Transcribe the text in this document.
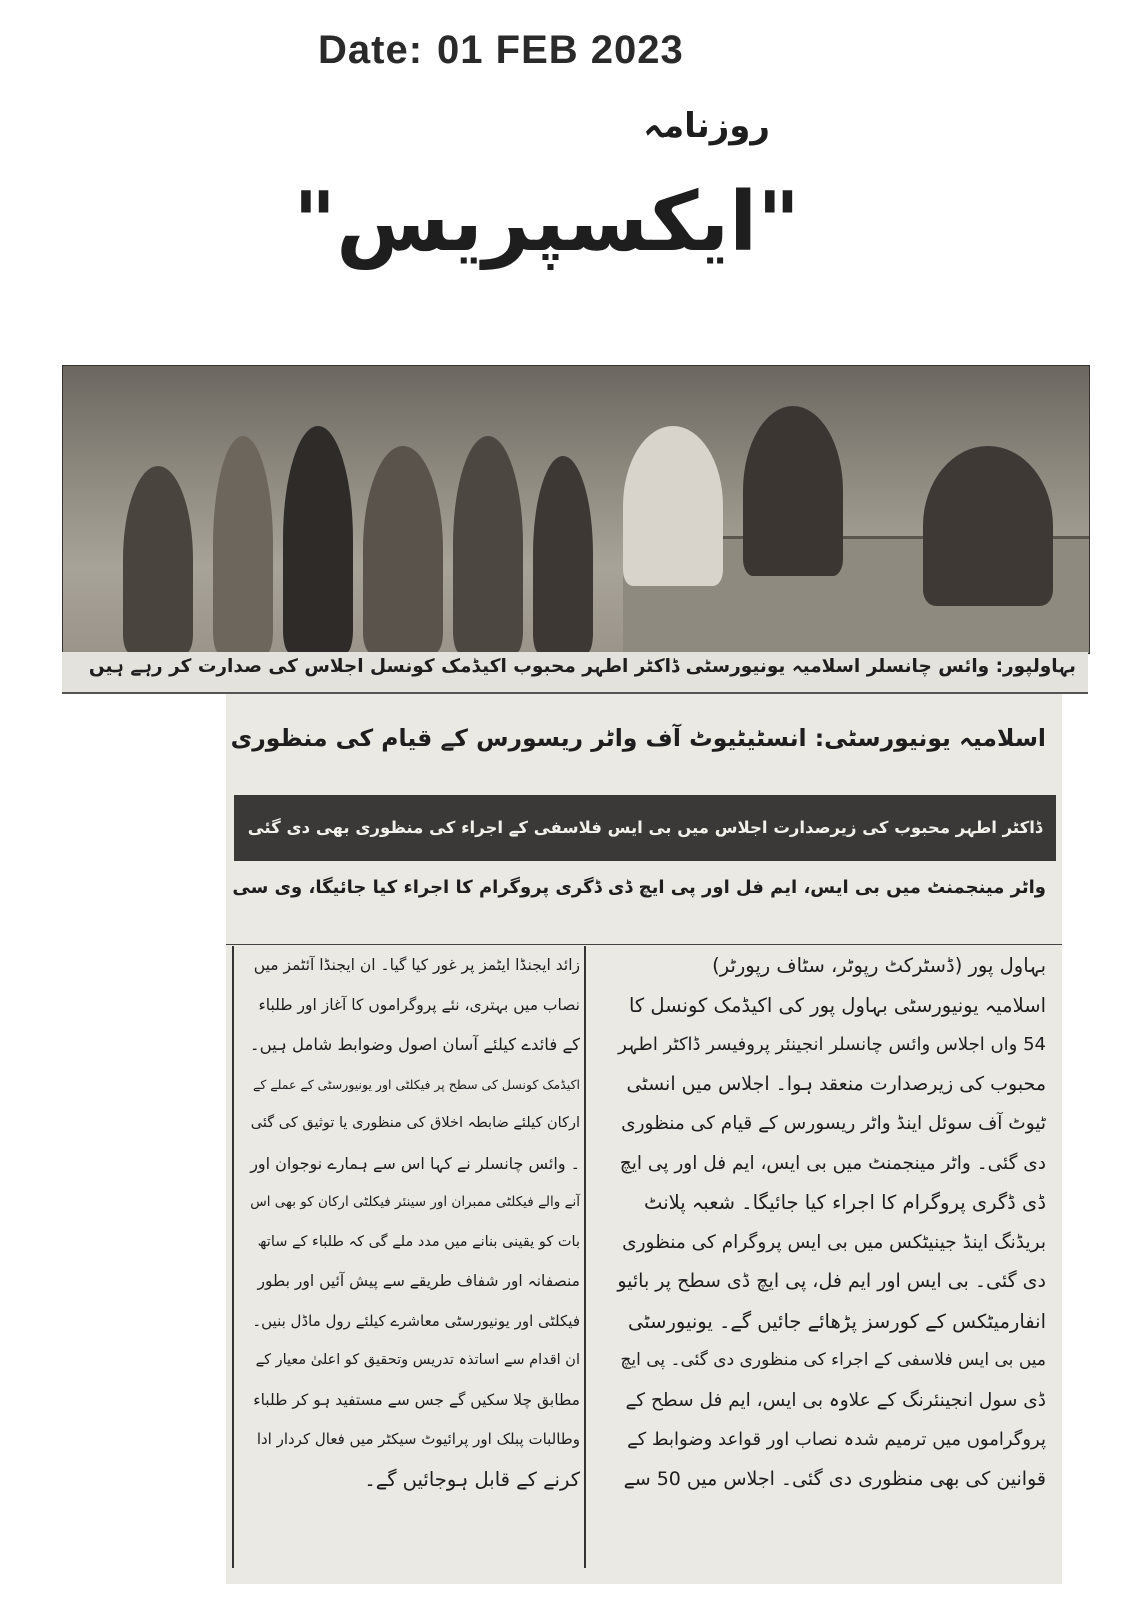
Date: 01 FEB 2023
روزنامہ
"ایکسپریس"
بہاولپور: وائس چانسلر اسلامیہ یونیورسٹی ڈاکٹر اطہر محبوب اکیڈمک کونسل اجلاس کی صدارت کر رہے ہیں
اسلامیہ یونیورسٹی: انسٹیٹیوٹ آف واٹر ریسورس کے قیام کی منظوری
ڈاکٹر اطہر محبوب کی زیرصدارت اجلاس میں بی ایس فلاسفی کے اجراء کی منظوری بھی دی گئی
واٹر مینجمنٹ میں بی ایس، ایم فل اور پی ایچ ڈی ڈگری پروگرام کا اجراء کیا جائیگا، وی سی

بہاول پور (ڈسٹرکٹ رپوٹر، سٹاف رپورٹر)

اسلامیہ یونیورسٹی بہاول پور کی اکیڈمک کونسل کا

54 واں اجلاس وائس چانسلر انجینئر پروفیسر ڈاکٹر اطہر

محبوب کی زیرصدارت منعقد ہوا۔ اجلاس میں انسٹی

ٹیوٹ آف سوئل اینڈ واٹر ریسورس کے قیام کی منظوری

دی گئی۔ واٹر مینجمنٹ میں بی ایس، ایم فل اور پی ایچ

ڈی ڈگری پروگرام کا اجراء کیا جائیگا۔ شعبہ پلانٹ

بریڈنگ اینڈ جینیٹکس میں بی ایس پروگرام کی منظوری

دی گئی۔ بی ایس اور ایم فل، پی ایچ ڈی سطح پر بائیو

انفارمیٹکس کے کورسز پڑھائے جائیں گے۔ یونیورسٹی

میں بی ایس فلاسفی کے اجراء کی منظوری دی گئی۔ پی ایچ

ڈی سول انجینئرنگ کے علاوہ بی ایس، ایم فل سطح کے

پروگراموں میں ترمیم شدہ نصاب اور قواعد وضوابط کے

قوانین کی بھی منظوری دی گئی۔ اجلاس میں 50 سے

زائد ایجنڈا ایٹمز پر غور کیا گیا۔ ان ایجنڈا آئٹمز میں

نصاب میں بہتری، نئے پروگراموں کا آغاز اور طلباء

کے فائدے کیلئے آسان اصول وضوابط شامل ہیں۔

اکیڈمک کونسل کی سطح پر فیکلٹی اور یونیورسٹی کے عملے کے

ارکان کیلئے ضابطہ اخلاق کی منظوری یا توثیق کی گئی

۔ وائس چانسلر نے کہا اس سے ہمارے نوجوان اور

آنے والے فیکلٹی ممبران اور سینئر فیکلٹی ارکان کو بھی اس

بات کو یقینی بنانے میں مدد ملے گی کہ طلباء کے ساتھ

منصفانہ اور شفاف طریقے سے پیش آئیں اور بطور

فیکلٹی اور یونیورسٹی معاشرے کیلئے رول ماڈل بنیں۔

ان اقدام سے اساتذہ تدریس وتحقیق کو اعلیٰ معیار کے

مطابق چلا سکیں گے جس سے مستفید ہو کر طلباء

وطالبات پبلک اور پرائیوٹ سیکٹر میں فعال کردار ادا

کرنے کے قابل ہوجائیں گے۔
